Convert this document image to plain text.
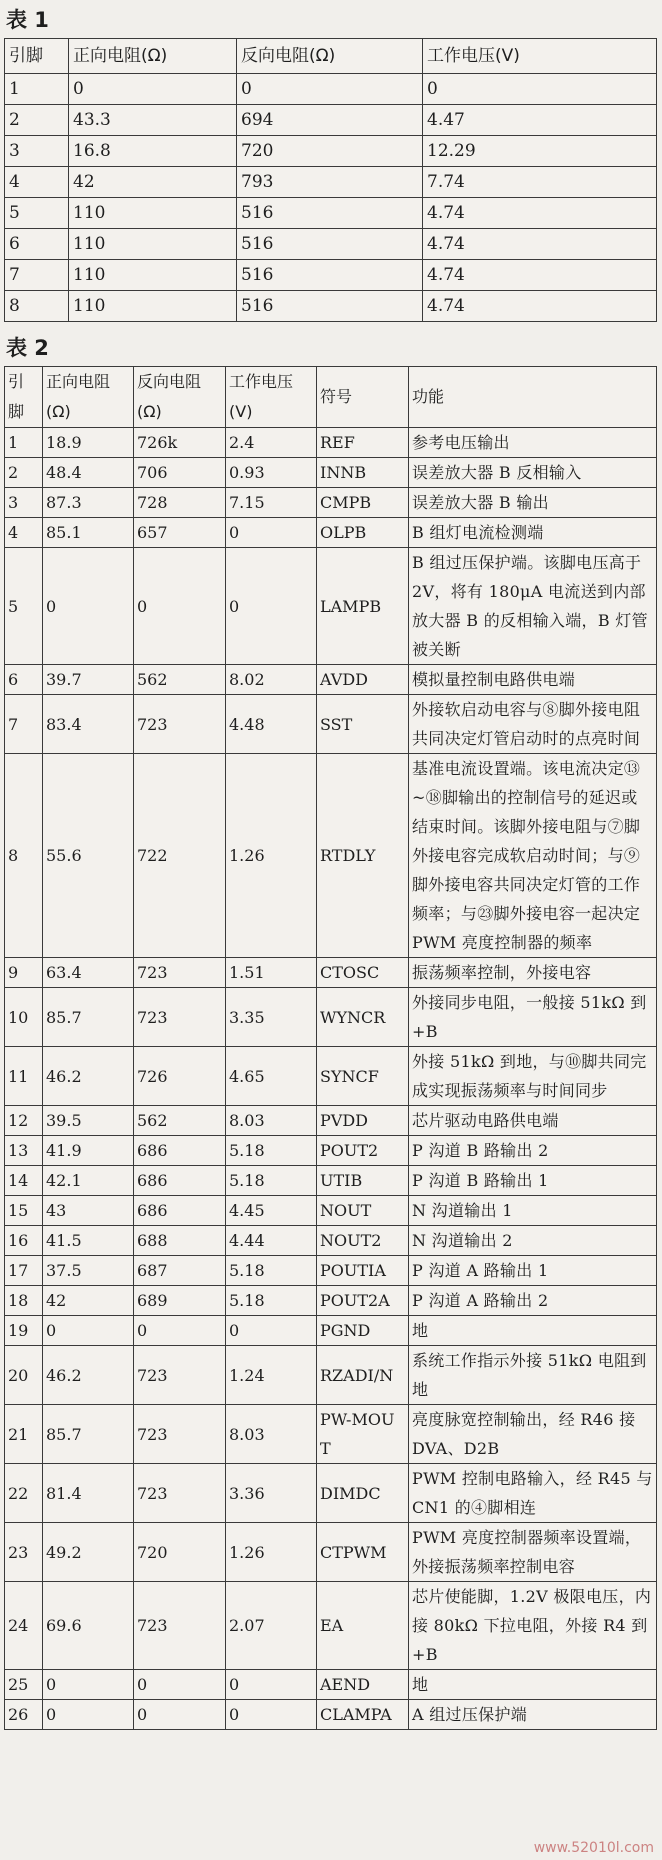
表 1
引脚	正向电阻(Ω)	反向电阻(Ω)	工作电压(V)
1	0	0	0
2	43.3	694	4.47
3	16.8	720	12.29
4	42	793	7.74
5	110	516	4.74
6	110	516	4.74
7	110	516	4.74
8	110	516	4.74
表 2
引脚	正向电阻(Ω)	反向电阻(Ω)	工作电压(V)	符号	功能
1	18.9	726k	2.4	REF	参考电压输出
2	48.4	706	0.93	INNB	误差放大器 B 反相输入
3	87.3	728	7.15	CMPB	误差放大器 B 输出
4	85.1	657	0	OLPB	B 组灯电流检测端
5	0	0	0	LAMPB	B 组过压保护端。该脚电压高于 2V，将有 180μA 电流送到内部放大器 B 的反相输入端，B 灯管被关断
6	39.7	562	8.02	AVDD	模拟量控制电路供电端
7	83.4	723	4.48	SST	外接软启动电容与⑧脚外接电阻共同决定灯管启动时的点亮时间
8	55.6	722	1.26	RTDLY	基准电流设置端。该电流决定⑬~⑱脚输出的控制信号的延迟或结束时间。该脚外接电阻与⑦脚外接电容完成软启动时间；与⑨脚外接电容共同决定灯管的工作频率；与㉓脚外接电容一起决定 PWM 亮度控制器的频率
9	63.4	723	1.51	CTOSC	振荡频率控制，外接电容
10	85.7	723	3.35	WYNCR	外接同步电阻，一般接 51kΩ 到+B
11	46.2	726	4.65	SYNCF	外接 51kΩ 到地，与⑩脚共同完成实现振荡频率与时间同步
12	39.5	562	8.03	PVDD	芯片驱动电路供电端
13	41.9	686	5.18	POUT2	P 沟道 B 路输出 2
14	42.1	686	5.18	UTIB	P 沟道 B 路输出 1
15	43	686	4.45	NOUT	N 沟道输出 1
16	41.5	688	4.44	NOUT2	N 沟道输出 2
17	37.5	687	5.18	POUTIA	P 沟道 A 路输出 1
18	42	689	5.18	POUT2A	P 沟道 A 路输出 2
19	0	0	0	PGND	地
20	46.2	723	1.24	RZADI/N	系统工作指示外接 51kΩ 电阻到地
21	85.7	723	8.03	PW-MOUT	亮度脉宽控制输出，经 R46 接 DVA、D2B
22	81.4	723	3.36	DIMDC	PWM 控制电路输入，经 R45 与 CN1 的④脚相连
23	49.2	720	1.26	CTPWM	PWM 亮度控制器频率设置端，外接振荡频率控制电容
24	69.6	723	2.07	EA	芯片使能脚，1.2V 极限电压，内接 80kΩ 下拉电阻，外接 R4 到+B
25	0	0	0	AEND	地
26	0	0	0	CLAMPA	A 组过压保护端
www.52010l.com
